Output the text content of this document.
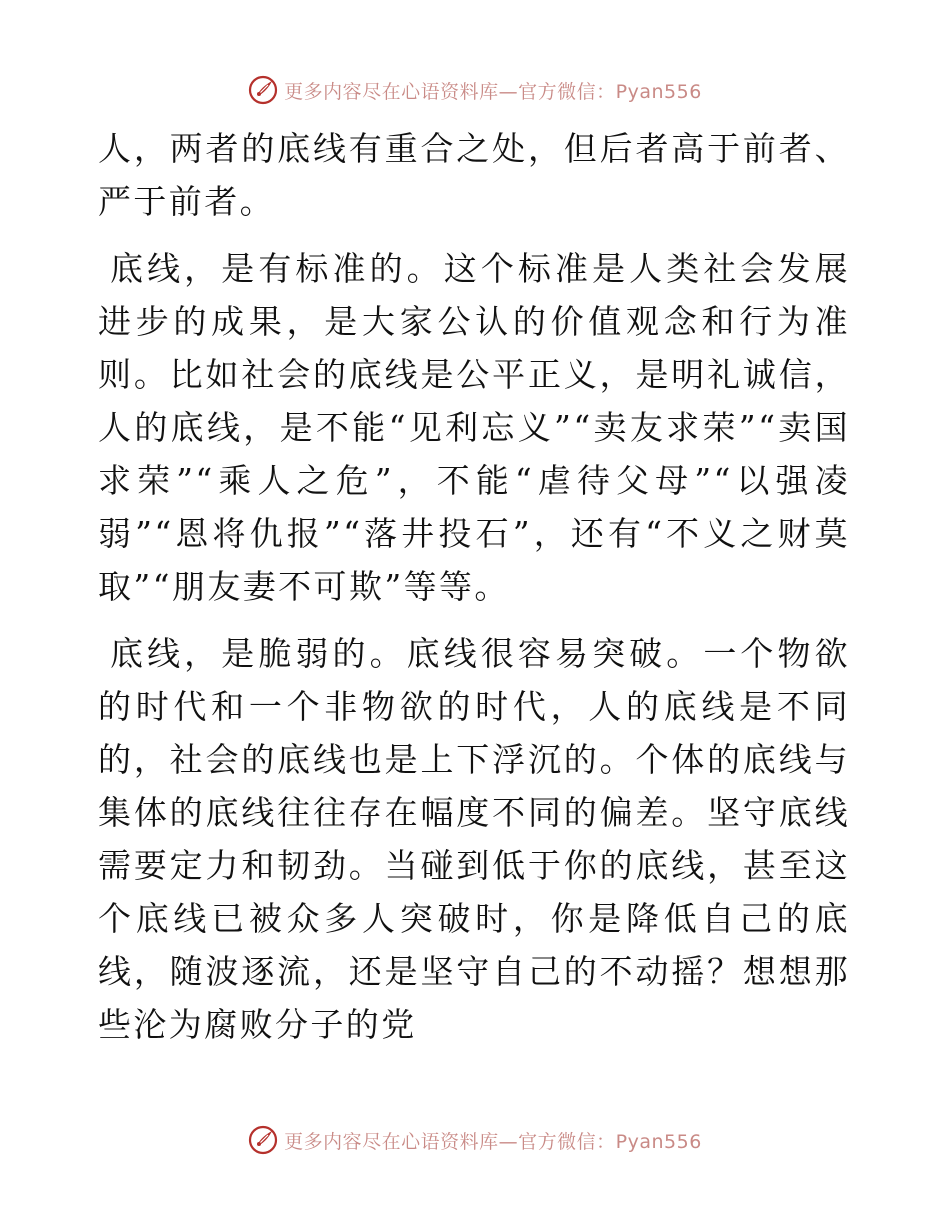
更多内容尽在心语资料库—官方微信：Pyan556

人，两者的底线有重合之处，但后者高于前者、严于前者。

底线，是有标准的。这个标准是人类社会发展进步的成果，是大家公认的价值观念和行为准则。比如社会的底线是公平正义，是明礼诚信，人的底线，是不能“见利忘义”“卖友求荣”“卖国求荣”“乘人之危”，不能“虐待父母”“以强凌弱”“恩将仇报”“落井投石”，还有“不义之财莫取”“朋友妻不可欺”等等。

底线，是脆弱的。底线很容易突破。一个物欲的时代和一个非物欲的时代，人的底线是不同的，社会的底线也是上下浮沉的。个体的底线与集体的底线往往存在幅度不同的偏差。坚守底线需要定力和韧劲。当碰到低于你的底线，甚至这个底线已被众多人突破时，你是降低自己的底线，随波逐流，还是坚守自己的不动摇？想想那些沦为腐败分子的党

更多内容尽在心语资料库—官方微信：Pyan556
